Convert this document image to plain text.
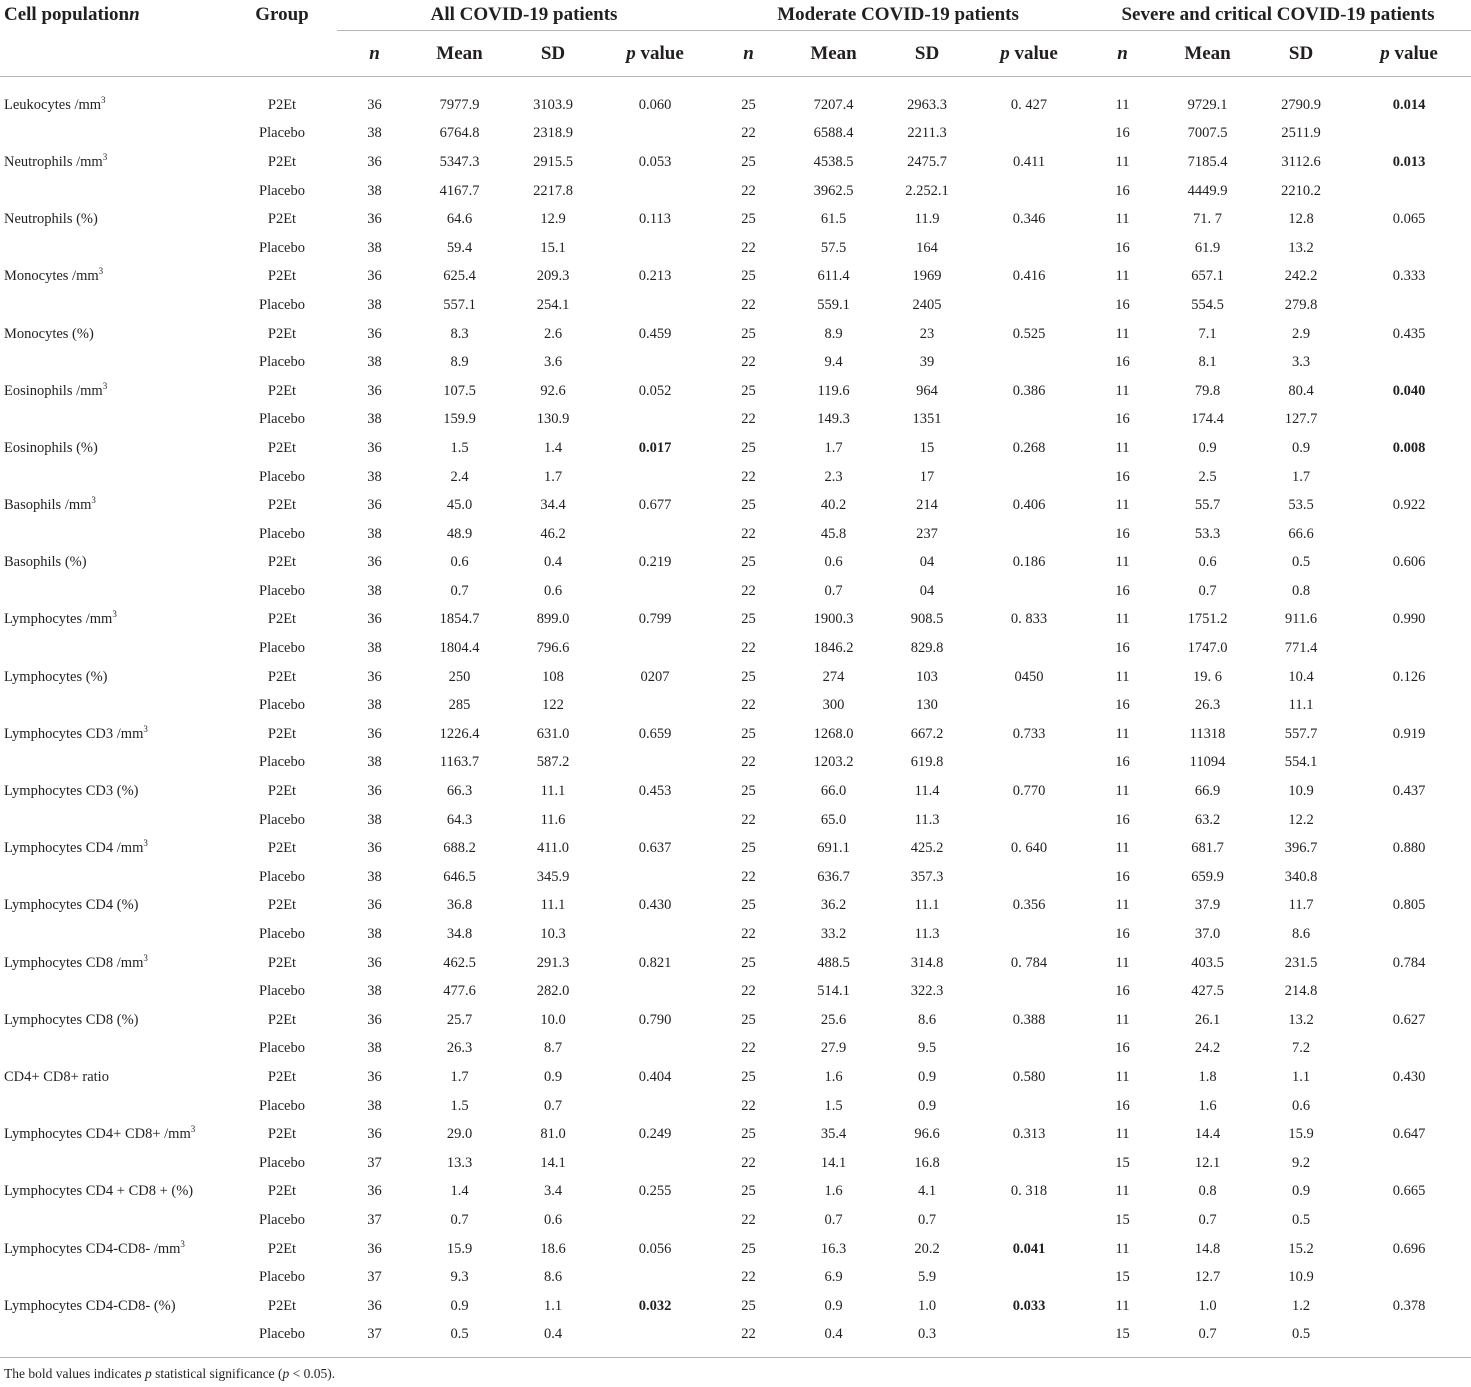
Cell populationn	Group	All COVID-19 patients				Moderate COVID-19 patients				Severe and critical COVID-19 patients			
		n	Mean	SD	p value	n	Mean	SD	p value	n	Mean	SD	p value
Leukocytes $/mm^3$	P2Et	36	7977.9	3103.9	0.060	25	7207.4	2963.3	0. 427	11	9729.1	2790.9	0.014
	Placebo	38	6764.8	2318.9		22	6588.4	2211.3		16	7007.5	2511.9	
Neutrophils $/mm^3$	P2Et	36	5347.3	2915.5	0.053	25	4538.5	2475.7	0.411	11	7185.4	3112.6	0.013
	Placebo	38	4167.7	2217.8		22	3962.5	2.252.1		16	4449.9	2210.2	
Neutrophils (%)	P2Et	36	64.6	12.9	0.113	25	61.5	11.9	0.346	11	71. 7	12.8	0.065
	Placebo	38	59.4	15.1		22	57.5	164		16	61.9	13.2	
Monocytes $/mm^3$	P2Et	36	625.4	209.3	0.213	25	611.4	1969	0.416	11	657.1	242.2	0.333
	Placebo	38	557.1	254.1		22	559.1	2405		16	554.5	279.8	
Monocytes (%)	P2Et	36	8.3	2.6	0.459	25	8.9	23	0.525	11	7.1	2.9	0.435
	Placebo	38	8.9	3.6		22	9.4	39		16	8.1	3.3	
Eosinophils $/mm^3$	P2Et	36	107.5	92.6	0.052	25	119.6	964	0.386	11	79.8	80.4	0.040
	Placebo	38	159.9	130.9		22	149.3	1351		16	174.4	127.7	
Eosinophils (%)	P2Et	36	1.5	1.4	0.017	25	1.7	15	0.268	11	0.9	0.9	0.008
	Placebo	38	2.4	1.7		22	2.3	17		16	2.5	1.7	
Basophils $/mm^3$	P2Et	36	45.0	34.4	0.677	25	40.2	214	0.406	11	55.7	53.5	0.922
	Placebo	38	48.9	46.2		22	45.8	237		16	53.3	66.6	
Basophils (%)	P2Et	36	0.6	0.4	0.219	25	0.6	04	0.186	11	0.6	0.5	0.606
	Placebo	38	0.7	0.6		22	0.7	04		16	0.7	0.8	
Lymphocytes $/mm^3$	P2Et	36	1854.7	899.0	0.799	25	1900.3	908.5	0. 833	11	1751.2	911.6	0.990
	Placebo	38	1804.4	796.6		22	1846.2	829.8		16	1747.0	771.4	
Lymphocytes (%)	P2Et	36	250	108	0207	25	274	103	0450	11	19. 6	10.4	0.126
	Placebo	38	285	122		22	300	130		16	26.3	11.1	
Lymphocytes CD3 $/mm^3$	P2Et	36	1226.4	631.0	0.659	25	1268.0	667.2	0.733	11	11318	557.7	0.919
	Placebo	38	1163.7	587.2		22	1203.2	619.8		16	11094	554.1	
Lymphocytes CD3 (%)	P2Et	36	66.3	11.1	0.453	25	66.0	11.4	0.770	11	66.9	10.9	0.437
	Placebo	38	64.3	11.6		22	65.0	11.3		16	63.2	12.2	
Lymphocytes CD4 $/mm^3$	P2Et	36	688.2	411.0	0.637	25	691.1	425.2	0. 640	11	681.7	396.7	0.880
	Placebo	38	646.5	345.9		22	636.7	357.3		16	659.9	340.8	
Lymphocytes CD4 (%)	P2Et	36	36.8	11.1	0.430	25	36.2	11.1	0.356	11	37.9	11.7	0.805
	Placebo	38	34.8	10.3		22	33.2	11.3		16	37.0	8.6	
Lymphocytes CD8 $/mm^3$	P2Et	36	462.5	291.3	0.821	25	488.5	314.8	0. 784	11	403.5	231.5	0.784
	Placebo	38	477.6	282.0		22	514.1	322.3		16	427.5	214.8	
Lymphocytes CD8 (%)	P2Et	36	25.7	10.0	0.790	25	25.6	8.6	0.388	11	26.1	13.2	0.627
	Placebo	38	26.3	8.7		22	27.9	9.5		16	24.2	7.2	
CD4+ CD8+ ratio	P2Et	36	1.7	0.9	0.404	25	1.6	0.9	0.580	11	1.8	1.1	0.430
	Placebo	38	1.5	0.7		22	1.5	0.9		16	1.6	0.6	
Lymphocytes $CD4+ CD8+ /mm^3$	P2Et	36	29.0	81.0	0.249	25	35.4	96.6	0.313	11	14.4	15.9	0.647
	Placebo	37	13.3	14.1		22	14.1	16.8		15	12.1	9.2	
Lymphocytes CD4 + CD8 + (%)	P2Et	36	1.4	3.4	0.255	25	1.6	4.1	0. 318	11	0.8	0.9	0.665
	Placebo	37	0.7	0.6		22	0.7	0.7		15	0.7	0.5	
Lymphocytes CD4-CD8- $/mm^3$	P2Et	36	15.9	18.6	0.056	25	16.3	20.2	0.041	11	14.8	15.2	0.696
	Placebo	37	9.3	8.6		22	6.9	5.9		15	12.7	10.9	
Lymphocytes CD4-CD8- (%)	P2Et	36	0.9	1.1	0.032	25	0.9	1.0	0.033	11	1.0	1.2	0.378
	Placebo	37	0.5	0.4		22	0.4	0.3		15	0.7	0.5	
The bold values indicates p statistical significance (p < 0.05).
